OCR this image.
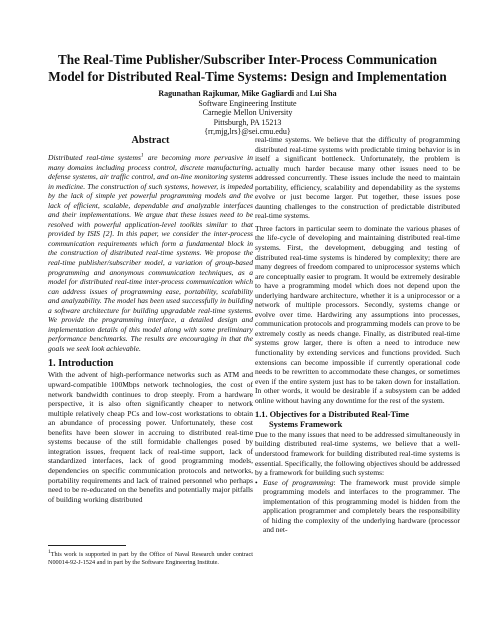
The Real-Time Publisher/Subscriber Inter-Process Communication
Model for Distributed Real-Time Systems: Design and Implementation
Ragunathan Rajkumar, Mike Gagliardi and Lui Sha
Software Engineering Institute
Carnegie Mellon University
Pittsburgh, PA 15213
{rr,mjg,lrs}@sei.cmu.edu}

Abstract

Distributed real-time systems$^1$ are becoming more pervasive in many domains including process control, discrete manufacturing, defense systems, air traffic control, and on-line monitoring systems in medicine. The construction of such systems, however, is impeded by the lack of simple yet powerful programming models and the lack of efficient, scalable, dependable and analyzable interfaces and their implementations. We argue that these issues need to be resolved with powerful application-level toolkits similar to that provided by ISIS [2]. In this paper, we consider the inter-process communication requirements which form a fundamental block in the construction of distributed real-time systems. We propose the real-time publisher/subscriber model, a variation of group-based programming and anonymous communication techniques, as a model for distributed real-time inter-process communication which can address issues of programming ease, portability, scalability and analyzability. The model has been used successfully in building a software architecture for building upgradable real-time systems. We provide the programming interface, a detailed design and implementation details of this model along with some preliminary performance benchmarks. The results are encouraging in that the goals we seek look achievable.

1. Introduction

With the advent of high-performance networks such as ATM and upward-compatible 100Mbps network technologies, the cost of network bandwidth continues to drop steeply. From a hardware perspective, it is also often significantly cheaper to network multiple relatively cheap PCs and low-cost workstations to obtain an abundance of processing power. Unfortunately, these cost benefits have been slower in accruing to distributed real-time systems because of the still formidable challenges posed by integration issues, frequent lack of real-time support, lack of standardized interfaces, lack of good programming models, dependencies on specific communication protocols and networks, portability requirements and lack of trained personnel who perhaps need to be re-educated on the benefits and potentially major pitfalls of building working distributed

real-time systems. We believe that the difficulty of programming distributed real-time systems with predictable timing behavior is in itself a significant bottleneck. Unfortunately, the problem is actually much harder because many other issues need to be addressed concurrently. These issues include the need to maintain portability, efficiency, scalability and dependability as the systems evolve or just become larger. Put together, these issues pose daunting challenges to the construction of predictable distributed real-time systems.

Three factors in particular seem to dominate the various phases of the life-cycle of developing and maintaining distributed real-time systems. First, the development, debugging and testing of distributed real-time systems is hindered by complexity; there are many degrees of freedom compared to uniprocessor systems which are conceptually easier to program. It would be extremely desirable to have a programming model which does not depend upon the underlying hardware architecture, whether it is a uniprocessor or a network of multiple processors. Secondly, systems change or evolve over time. Hardwiring any assumptions into processes, communication protocols and programming models can prove to be extremely costly as needs change. Finally, as distributed real-time systems grow larger, there is often a need to introduce new functionality by extending services and functions provided. Such extensions can become impossible if currently operational code needs to be rewritten to accommodate these changes, or sometimes even if the entire system just has to be taken down for installation. In other words, it would be desirable if a subsystem can be added online without having any downtime for the rest of the system.

1.1. Objectives for a Distributed Real-Time
Systems Framework

Due to the many issues that need to be addressed simultaneously in building distributed real-time systems, we believe that a well-understood framework for building distributed real-time systems is essential. Specifically, the following objectives should be addressed by a framework for building such systems:

• Ease of programming: The framework must provide simple programming models and interfaces to the programmer. The implementation of this programming model is hidden from the application programmer and completely bears the responsibility of hiding the complexity of the underlying hardware (processor and net-
$^1$This work is supported in part by the Office of Naval Research under contract N00014-92-J-1524 and in part by the Software Engineering Institute.
